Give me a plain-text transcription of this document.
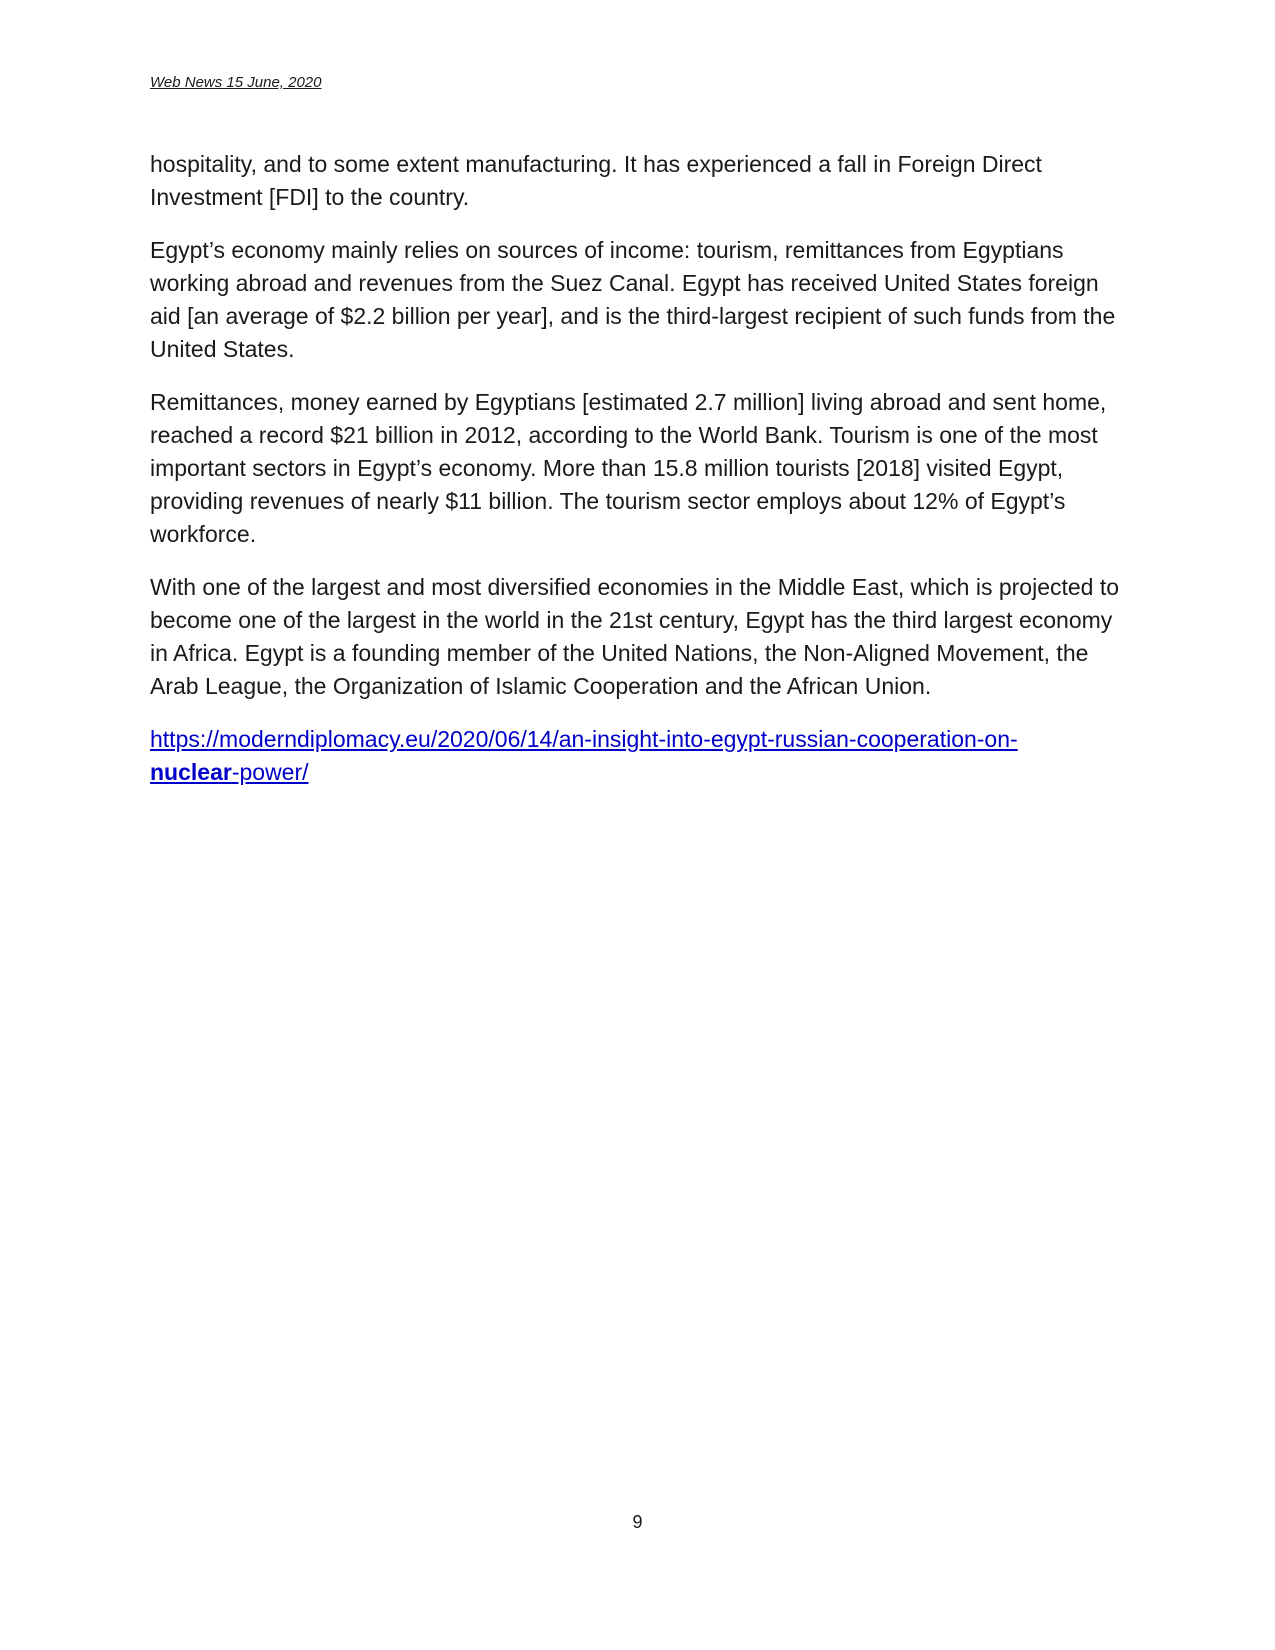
Web News 15 June, 2020

hospitality, and to some extent manufacturing. It has experienced a fall in Foreign Direct Investment [FDI] to the country.

Egypt’s economy mainly relies on sources of income: tourism, remittances from Egyptians working abroad and revenues from the Suez Canal. Egypt has received United States foreign aid [an average of $2.2 billion per year], and is the third-largest recipient of such funds from the United States.

Remittances, money earned by Egyptians [estimated 2.7 million] living abroad and sent home, reached a record $21 billion in 2012, according to the World Bank. Tourism is one of the most important sectors in Egypt’s economy. More than 15.8 million tourists [2018] visited Egypt, providing revenues of nearly $11 billion. The tourism sector employs about 12% of Egypt’s workforce.

With one of the largest and most diversified economies in the Middle East, which is projected to become one of the largest in the world in the 21st century, Egypt has the third largest economy in Africa. Egypt is a founding member of the United Nations, the Non-Aligned Movement, the Arab League, the Organization of Islamic Cooperation and the African Union.

https://moderndiplomacy.eu/2020/06/14/an-insight-into-egypt-russian-cooperation-on-
nuclear-power/

9
